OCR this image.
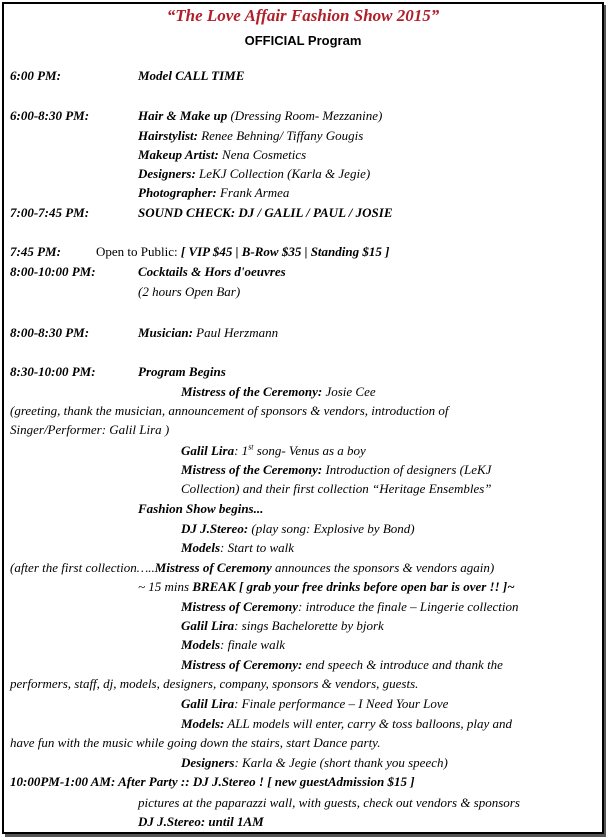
“The Love Affair Fashion Show 2015”
OFFICIAL Program
6:00 PM:	Model CALL TIME
6:00-8:30 PM:	Hair & Make up (Dressing Room- Mezzanine)
Hairstylist: Renee Behning/ Tiffany Gougis
Makeup Artist: Nena Cosmetics
Designers: LeKJ Collection (Karla & Jegie)
Photographer: Frank Armea
7:00-7:45 PM:	SOUND CHECK: DJ / GALIL / PAUL / JOSIE
7:45 PM:	Open to Public: [ VIP $45 | B-Row $35 | Standing $15 ]
8:00-10:00 PM:	Cocktails & Hors d'oeuvres
(2 hours Open Bar)
8:00-8:30 PM:	Musician: Paul Herzmann
8:30-10:00 PM:	Program Begins
Mistress of the Ceremony: Josie Cee
(greeting, thank the musician, announcement of sponsors & vendors, introduction of
Singer/Performer: Galil Lira )
Galil Lira: 1st song- Venus as a boy
Mistress of the Ceremony: Introduction of designers (LeKJ
Collection) and their first collection “Heritage Ensembles”
Fashion Show begins...
DJ J.Stereo: (play song: Explosive by Bond)
Models: Start to walk
(after the first collection…..Mistress of Ceremony announces the sponsors & vendors again)
~ 15 mins BREAK [ grab your free drinks before open bar is over !! ]~
Mistress of Ceremony: introduce the finale – Lingerie collection
Galil Lira: sings Bachelorette by bjork
Models: finale walk
Mistress of Ceremony: end speech & introduce and thank the
performers, staff, dj, models, designers, company, sponsors & vendors, guests.
Galil Lira: Finale performance – I Need Your Love
Models: ALL models will enter, carry & toss balloons, play and
have fun with the music while going down the stairs, start Dance party.
Designers: Karla & Jegie (short thank you speech)
10:00PM-1:00 AM: After Party :: DJ J.Stereo ! [ new guestAdmission $15 ]
pictures at the paparazzi wall, with guests, check out vendors & sponsors
DJ J.Stereo: until 1AM
